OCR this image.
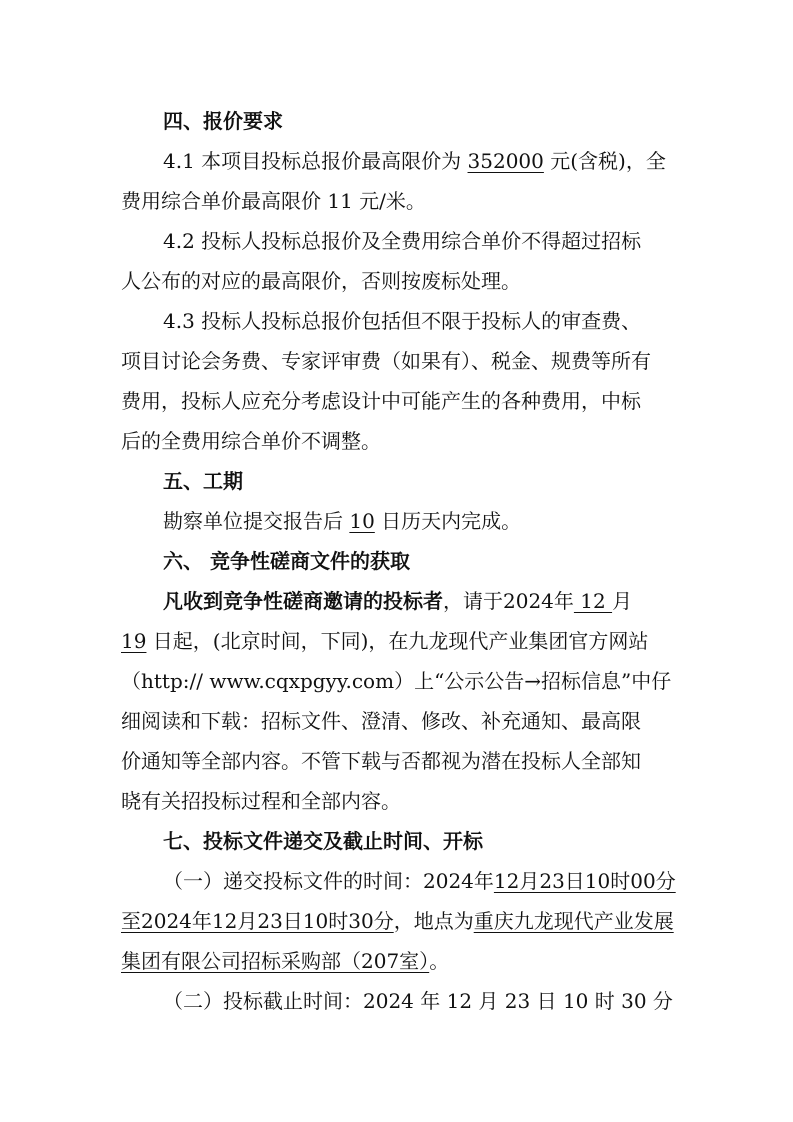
四、报价要求
4.1 本项目投标总报价最高限价为 352000 元(含税)，全
费用综合单价最高限价 11 元/米。
4.2 投标人投标总报价及全费用综合单价不得超过招标
人公布的对应的最高限价，否则按废标处理。
4.3 投标人投标总报价包括但不限于投标人的审查费、
项目讨论会务费、专家评审费（如果有）、税金、规费等所有
费用，投标人应充分考虑设计中可能产生的各种费用，中标
后的全费用综合单价不调整。
五、工期
勘察单位提交报告后 10 日历天内完成。
六、 竞争性磋商文件的获取
凡收到竞争性磋商邀请的投标者，请于2024年 12 月
19 日起，(北京时间，下同)，在九龙现代产业集团官方网站
（http:// www.cqxpgyy.com）上“公示公告→招标信息”中仔
细阅读和下载：招标文件、澄清、修改、补充通知、最高限
价通知等全部内容。不管下载与否都视为潜在投标人全部知
晓有关招投标过程和全部内容。
七、投标文件递交及截止时间、开标
（一）递交投标文件的时间：2024年12月23日10时00分
至2024年12月23日10时30分，地点为重庆九龙现代产业发展
集团有限公司招标采购部（207室）。
（二）投标截止时间：2024 年 12 月 23 日 10 时 30 分
